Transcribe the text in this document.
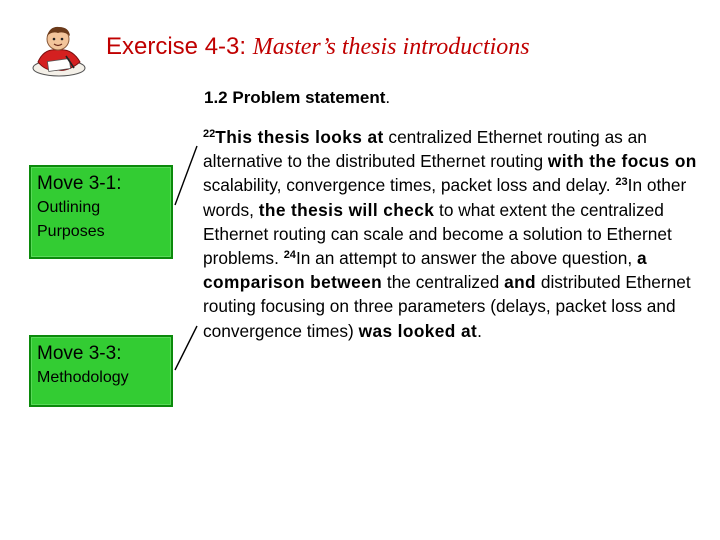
Exercise 4-3: Master’s thesis introductions
1.2 Problem statement.
Move 3-1:
Outlining
Purposes
Move 3-3:
Methodology
$^{22}$This thesis looks at centralized Ethernet routing as an alternative to the distributed Ethernet routing with the focus on scalability, convergence times, packet loss and delay. $^{23}$In other words, the thesis will check to what extent the centralized Ethernet routing can scale and become a solution to Ethernet problems. $^{24}$In an attempt to answer the above question, a comparison between the centralized and distributed Ethernet routing focusing on three parameters (delays, packet loss and convergence times) was looked at.
